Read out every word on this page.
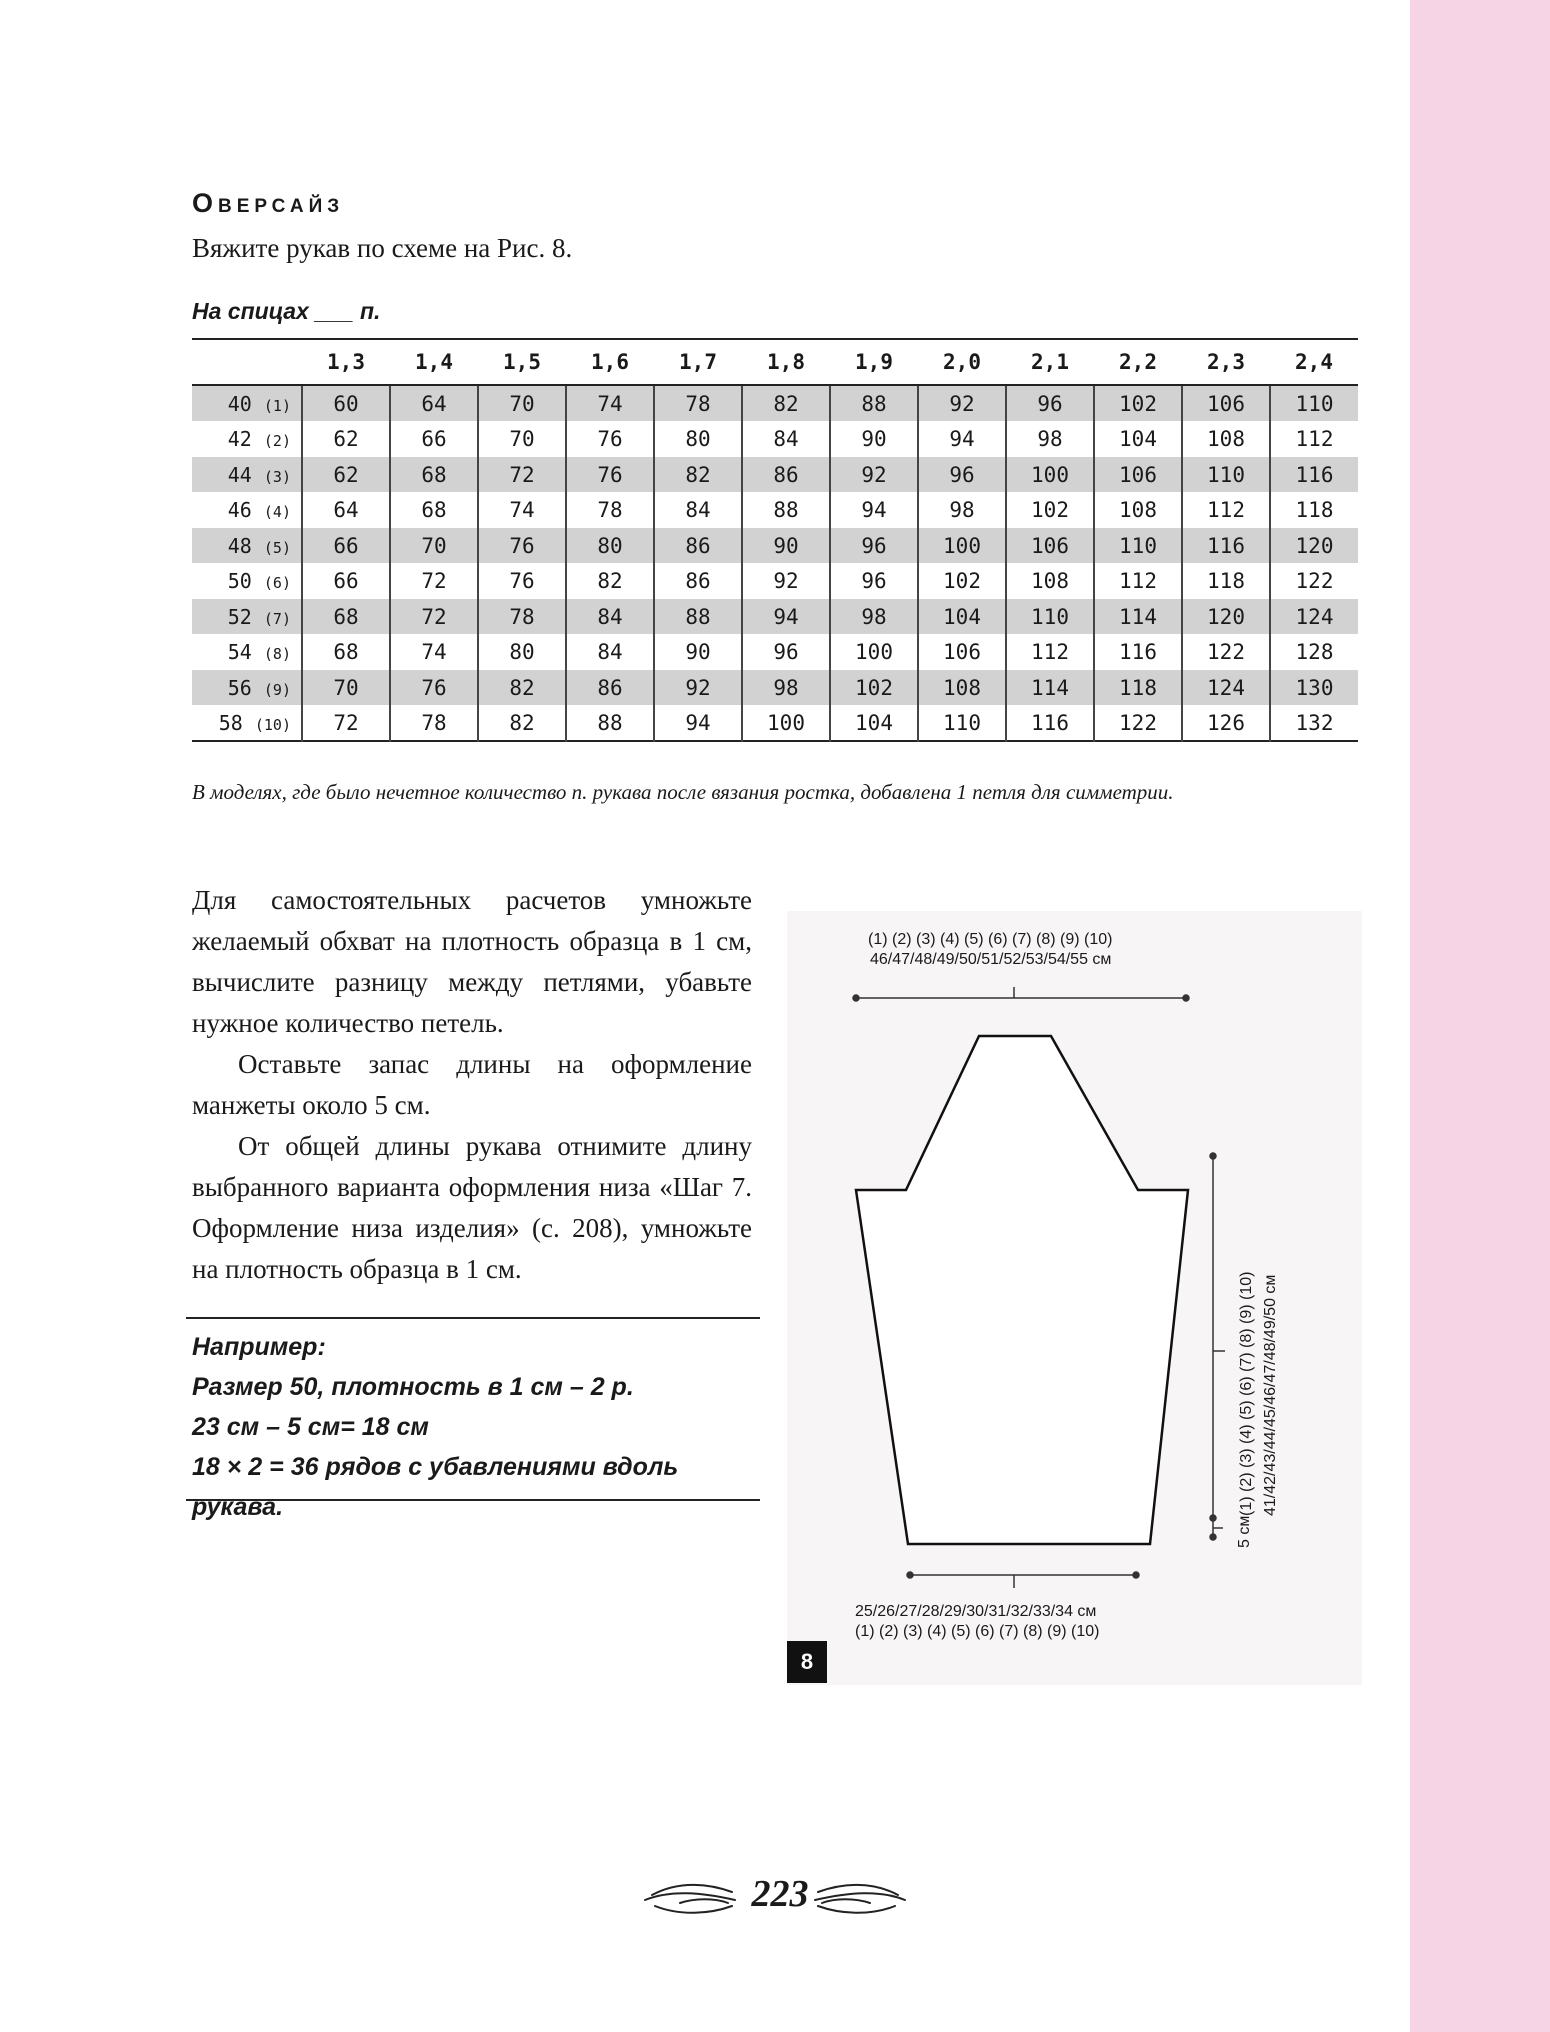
Оверсайз
Вяжите рукав по схеме на Рис. 8.
На спицах ___ п.
	1,3	1,4	1,5	1,6	1,7	1,8	1,9	2,0	2,1	2,2	2,3	2,4
40 (1)	60	64	70	74	78	82	88	92	96	102	106	110
42 (2)	62	66	70	76	80	84	90	94	98	104	108	112
44 (3)	62	68	72	76	82	86	92	96	100	106	110	116
46 (4)	64	68	74	78	84	88	94	98	102	108	112	118
48 (5)	66	70	76	80	86	90	96	100	106	110	116	120
50 (6)	66	72	76	82	86	92	96	102	108	112	118	122
52 (7)	68	72	78	84	88	94	98	104	110	114	120	124
54 (8)	68	74	80	84	90	96	100	106	112	116	122	128
56 (9)	70	76	82	86	92	98	102	108	114	118	124	130
58 (10)	72	78	82	88	94	100	104	110	116	122	126	132
В моделях, где было нечетное количество п. рукава после вязания ростка, добавлена 1 петля для симметрии.

Для самостоятельных расчетов умножьте желаемый обхват на плотность образца в 1 см, вычислите разницу между петлями, убавьте нужное количество петель.

Оставьте запас длины на оформление манжеты около 5 см.

От общей длины рукава отнимите длину выбранного варианта оформления низа «Шаг 7. Оформление низа изделия» (с. 208), умножьте на плотность образца в 1 см.

Например:
Размер 50, плотность в 1 см – 2 р.
23 см – 5 см= 18 см
18 × 2 = 36 рядов с убавлениями вдоль рукава.
(1) (2) (3) (4) (5) (6) (7) (8) (9) (10)
46/47/48/49/50/51/52/53/54/55 см
(1) (2) (3) (4) (5) (6) (7) (8) (9) (10) 41/42/43/44/45/46/47/48/49/50 см
5 см
25/26/27/28/29/30/31/32/33/34 см
(1) (2) (3) (4) (5) (6) (7) (8) (9) (10)
8
223
